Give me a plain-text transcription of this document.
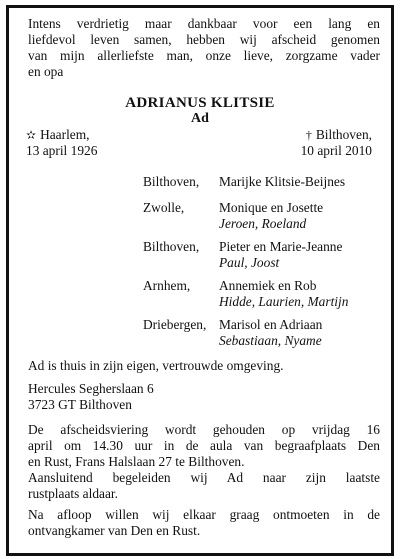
Intens verdrietig maar dankbaar voor een lang en
liefdevol leven samen, hebben wij afscheid genomen
van mijn allerliefste man, onze lieve, zorgzame vader
en opa

ADRIANUS KLITSIE
Ad
✫ Haarlem,
13 april 1926
† Bilthoven,
10 april 2010
Bilthoven, Marijke Klitsie-Beijnes
Zwolle,	Monique en Josette
Jeroen, Roeland
Bilthoven, Pieter en Marie-Jeanne
Paul, Joost
Arnhem, Annemiek en Rob
Hidde, Laurien, Martijn
Driebergen, Marisol en Adriaan
Sebastiaan, Nyame
Ad is thuis in zijn eigen, vertrouwde omgeving.
Hercules Segherslaan 6
3723 GT Bilthoven

De afscheidsviering wordt gehouden op vrijdag 16
april om 14.30 uur in de aula van begraafplaats Den
en Rust, Frans Halslaan 27 te Bilthoven.
Aansluitend begeleiden wij Ad naar zijn laatste
rustplaats aldaar.

Na afloop willen wij elkaar graag ontmoeten in de
ontvangkamer van Den en Rust.
